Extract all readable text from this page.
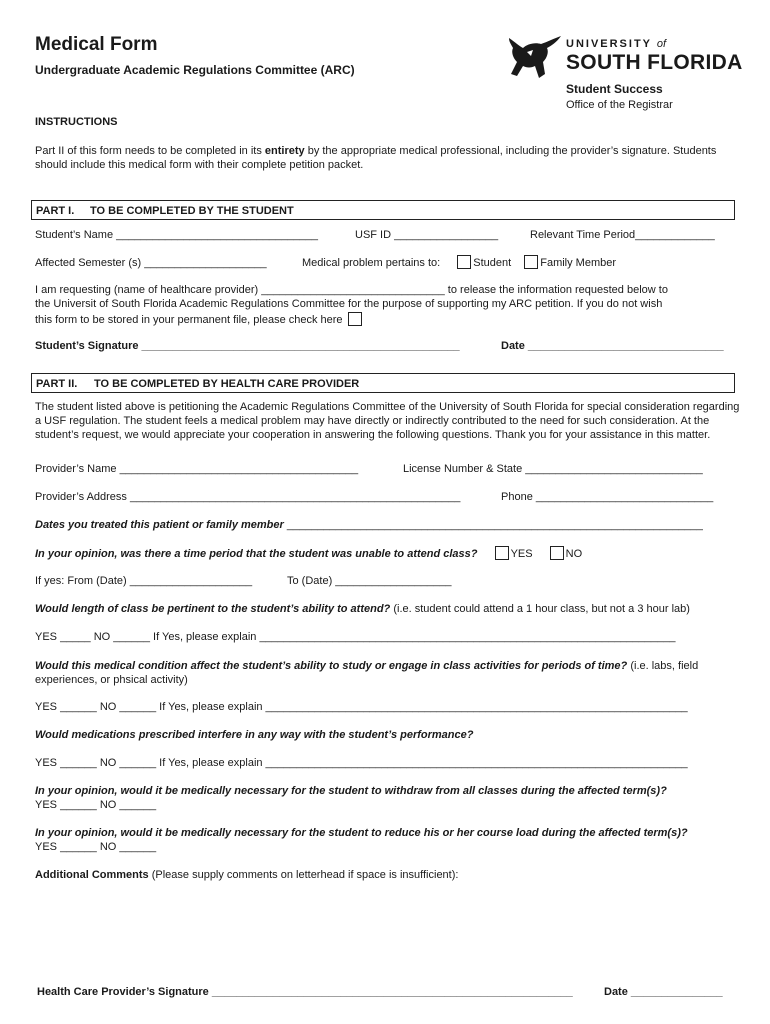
Medical Form
Undergraduate Academic Regulations Committee (ARC)
UNIVERSITY of
SOUTH FLORIDA
Student Success
Office of the Registrar
INSTRUCTIONS
Part II of this form needs to be completed in its entirety by the appropriate medical professional, including the provider’s signature. Students should include this medical form with their complete petition packet.
PART I. TO BE COMPLETED BY THE STUDENT
Student’s Name _________________________________	USF ID _________________	Relevant Time Period_____________
Affected Semester (s) ____________________	Medical problem pertains to:	Student	Family Member
I am requesting (name of healthcare provider) ______________________________ to release the information requested below to
the Universit of South Florida Academic Regulations Committee for the purpose of supporting my ARC petition. If you do not wish
this form to be stored in your permanent file, please check here
Student’s Signature ____________________________________________________	Date ________________________________
PART II. TO BE COMPLETED BY HEALTH CARE PROVIDER
The student listed above is petitioning the Academic Regulations Committee of the University of South Florida for special consideration regarding a USF regulation. The student feels a medical problem may have directly or indirectly contributed to the need for such consideration. At the student’s request, we would appreciate your cooperation in answering the following questions. Thank you for your assistance in this matter.
Provider’s Name _______________________________________	License Number & State _____________________________
Provider’s Address ______________________________________________________	Phone _____________________________
Dates you treated this patient or family member ____________________________________________________________________
In your opinion, was there a time period that the student was unable to attend class?	YES	NO
If yes: From (Date) ____________________	To (Date) ___________________
Would length of class be pertinent to the student’s ability to attend? (i.e. student could attend a 1 hour class, but not a 3 hour lab)
YES _____ NO ______ If Yes, please explain ____________________________________________________________________
Would this medical condition affect the student’s ability to study or engage in class activities for periods of time? (i.e. labs, field experiences, or phsical activity)
YES ______ NO ______ If Yes, please explain _____________________________________________________________________
Would medications prescribed interfere in any way with the student’s performance?
YES ______ NO ______ If Yes, please explain _____________________________________________________________________
In your opinion, would it be medically necessary for the student to withdraw from all classes during the affected term(s)?
YES ______ NO ______
In your opinion, would it be medically necessary for the student to reduce his or her course load during the affected term(s)?
YES ______ NO ______
Additional Comments (Please supply comments on letterhead if space is insufficient):
Health Care Provider’s Signature ___________________________________________________________	Date _______________
